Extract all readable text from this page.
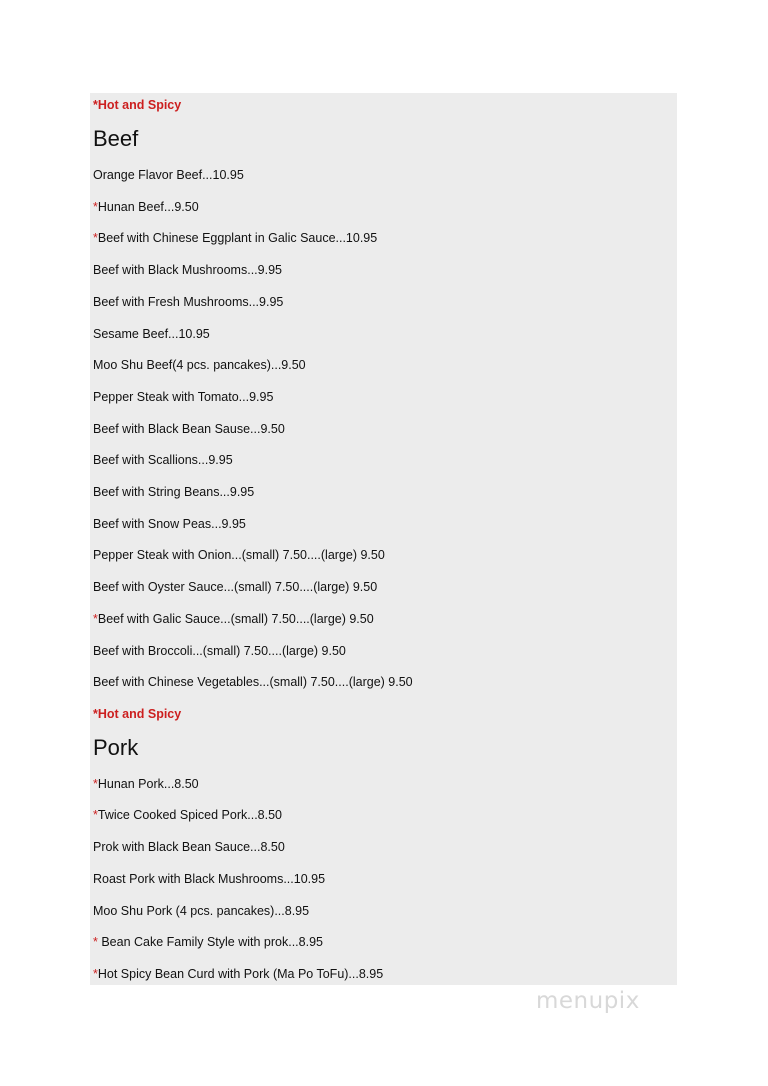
*Hot and Spicy
Beef
Orange Flavor Beef...10.95
*Hunan Beef...9.50
*Beef with Chinese Eggplant in Galic Sauce...10.95
Beef with Black Mushrooms...9.95
Beef with Fresh Mushrooms...9.95
Sesame Beef...10.95
Moo Shu Beef(4 pcs. pancakes)...9.50
Pepper Steak with Tomato...9.95
Beef with Black Bean Sause...9.50
Beef with Scallions...9.95
Beef with String Beans...9.95
Beef with Snow Peas...9.95
Pepper Steak with Onion...(small) 7.50....(large) 9.50
Beef with Oyster Sauce...(small) 7.50....(large) 9.50
*Beef with Galic Sauce...(small) 7.50....(large) 9.50
Beef with Broccoli...(small) 7.50....(large) 9.50
Beef with Chinese Vegetables...(small) 7.50....(large) 9.50
*Hot and Spicy
Pork
*Hunan Pork...8.50
*Twice Cooked Spiced Pork...8.50
Prok with Black Bean Sauce...8.50
Roast Pork with Black Mushrooms...10.95
Moo Shu Pork (4 pcs. pancakes)...8.95
* Bean Cake Family Style with prok...8.95
*Hot Spicy Bean Curd with Pork (Ma Po ToFu)...8.95
menupix
